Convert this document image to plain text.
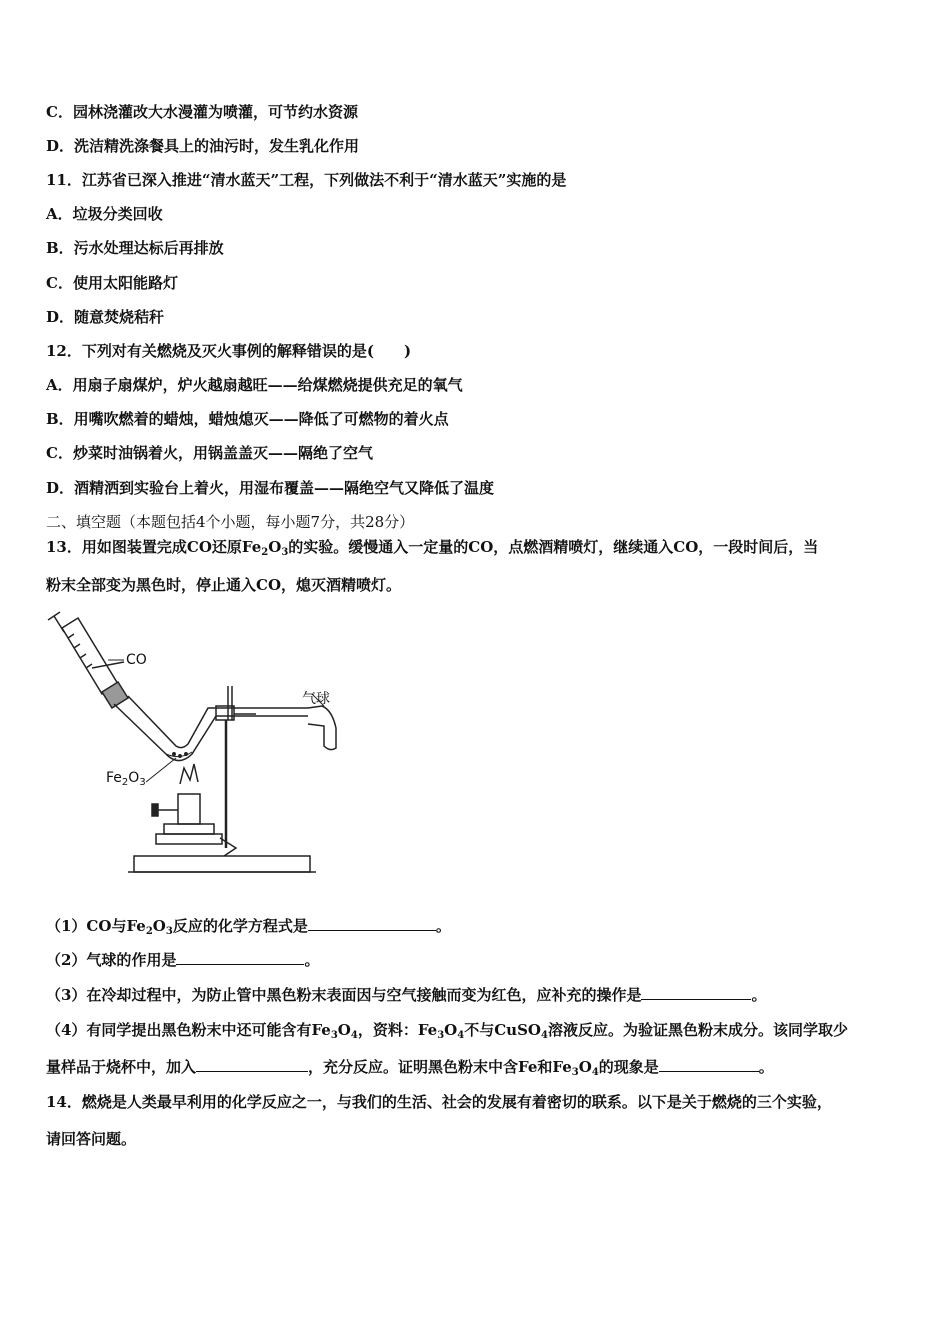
C．园林浇灌改大水漫灌为喷灌，可节约水资源
D．洗洁精洗涤餐具上的油污时，发生乳化作用
11．江苏省已深入推进“清水蓝天”工程，下列做法不利于“清水蓝天”实施的是
A．垃圾分类回收
B．污水处理达标后再排放
C．使用太阳能路灯
D．随意焚烧秸秆
12．下列对有关燃烧及灭火事例的解释错误的是(　　)
A．用扇子扇煤炉，炉火越扇越旺——给煤燃烧提供充足的氧气
B．用嘴吹燃着的蜡烛，蜡烛熄灭——降低了可燃物的着火点
C．炒菜时油锅着火，用锅盖盖灭——隔绝了空气
D．酒精洒到实验台上着火，用湿布覆盖——隔绝空气又降低了温度
二、填空题（本题包括4个小题，每小题7分，共28分）
13．用如图装置完成CO还原$Fe_2O_3$的实验。缓慢通入一定量的CO，点燃酒精喷灯，继续通入CO，一段时间后，当
粉末全部变为黑色时，停止通入CO，熄灭酒精喷灯。
CO
气球
$Fe_2O_3$
（1）CO与$Fe_2O_3$反应的化学方程式是	。
（2）气球的作用是	。
（3）在冷却过程中，为防止管中黑色粉末表面因与空气接触而变为红色，应补充的操作是	。
（4）有同学提出黑色粉末中还可能含有$Fe_3O_4$，资料：$Fe_3O_4$不与CuSO$_4$溶液反应。为验证黑色粉末成分。该同学取少
量样品于烧杯中，加入	，充分反应。证明黑色粉末中含Fe和$Fe_3O_4$的现象是	。
14．燃烧是人类最早利用的化学反应之一，与我们的生活、社会的发展有着密切的联系。以下是关于燃烧的三个实验，
请回答问题。
